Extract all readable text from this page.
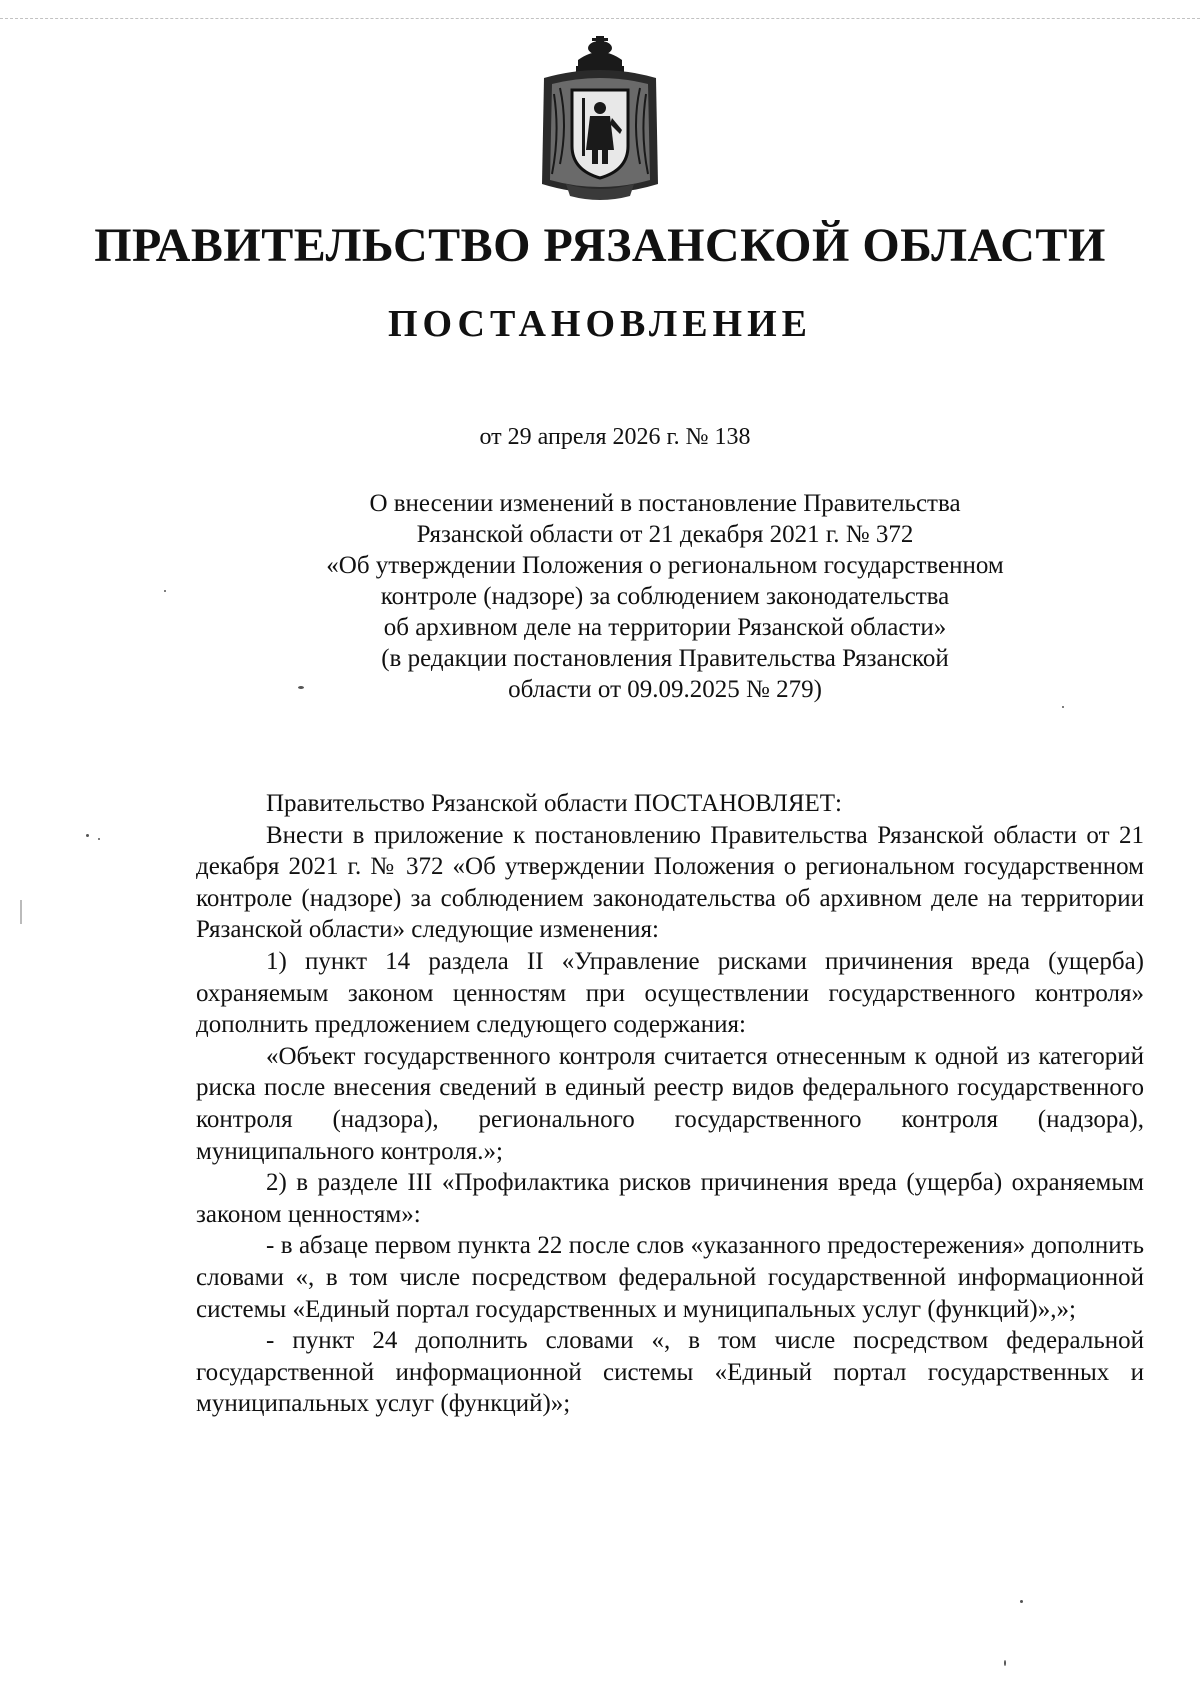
ПРАВИТЕЛЬСТВО РЯЗАНСКОЙ ОБЛАСТИ
ПОСТАНОВЛЕНИЕ
от 29 апреля 2026 г. № 138
О внесении изменений в постановление Правительства
Рязанской области от 21 декабря 2021 г. № 372
«Об утверждении Положения о региональном государственном
контроле (надзоре) за соблюдением законодательства
об архивном деле на территории Рязанской области»
(в редакции постановления Правительства Рязанской
области от 09.09.2025 № 279)

Правительство Рязанской области ПОСТАНОВЛЯЕТ:

Внести в приложение к постановлению Правительства Рязанской области от 21 декабря 2021 г. № 372 «Об утверждении Положения о региональном государственном контроле (надзоре) за соблюдением законодательства об архивном деле на территории Рязанской области» следующие изменения:

1) пункт 14 раздела II «Управление рисками причинения вреда (ущерба) охраняемым законом ценностям при осуществлении государственного контроля» дополнить предложением следующего содержания:

«Объект государственного контроля считается отнесенным к одной из категорий риска после внесения сведений в единый реестр видов федерального государственного контроля (надзора), регионального государственного контроля (надзора), муниципального контроля.»;

2) в разделе III «Профилактика рисков причинения вреда (ущерба) охраняемым законом ценностям»:

- в абзаце первом пункта 22 после слов «указанного предостережения» дополнить словами «, в том числе посредством федеральной государственной информационной системы «Единый портал государственных и муниципальных услуг (функций)»,»;

- пункт 24 дополнить словами «, в том числе посредством федеральной государственной информационной системы «Единый портал государственных и муниципальных услуг (функций)»;
